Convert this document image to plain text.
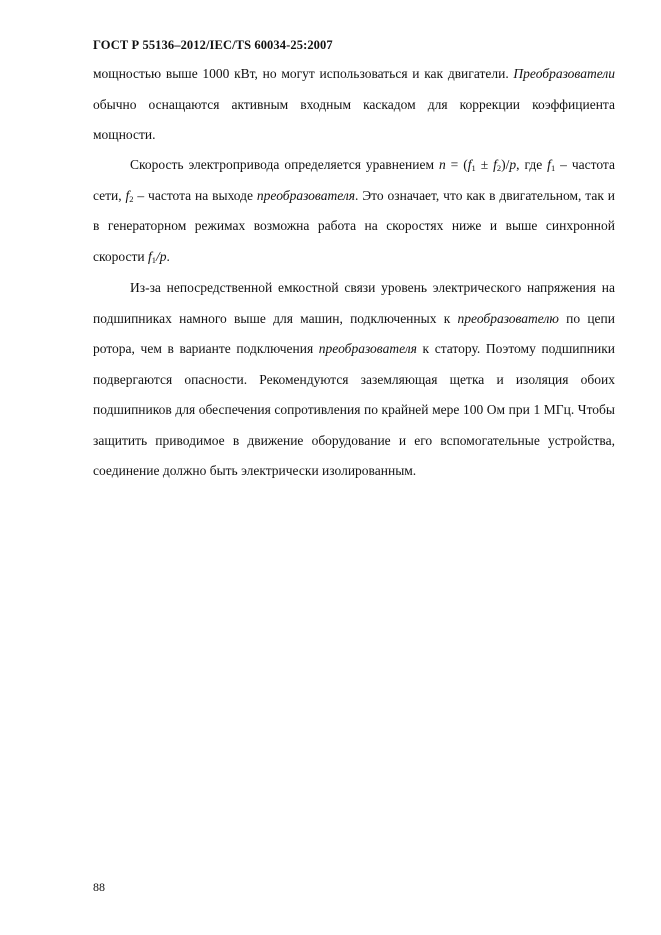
ГОСТ Р 55136–2012/IEC/TS 60034-25:2007

мощностью выше 1000 кВт, но могут использоваться и как двигатели. Преобразователи обычно оснащаются активным входным каскадом для коррекции коэффициента мощности.

Скорость электропривода определяется уравнением $n = (f_1 \pm f_2)/p$, где $f_1$ – частота сети, $f_2$ – частота на выходе преобразователя. Это означает, что как в двигательном, так и в генераторном режимах возможна работа на скоростях ниже и выше синхронной скорости $f_1/p$.

Из-за непосредственной емкостной связи уровень электрического напряжения на подшипниках намного выше для машин, подключенных к преобразователю по цепи ротора, чем в варианте подключения преобразователя к статору. Поэтому подшипники подвергаются опасности. Рекомендуются заземляющая щетка и изоляция обоих подшипников для обеспечения сопротивления по крайней мере 100 Ом при 1 МГц. Чтобы защитить приводимое в движение оборудование и его вспомогательные устройства, соединение должно быть электрически изолированным.

88
